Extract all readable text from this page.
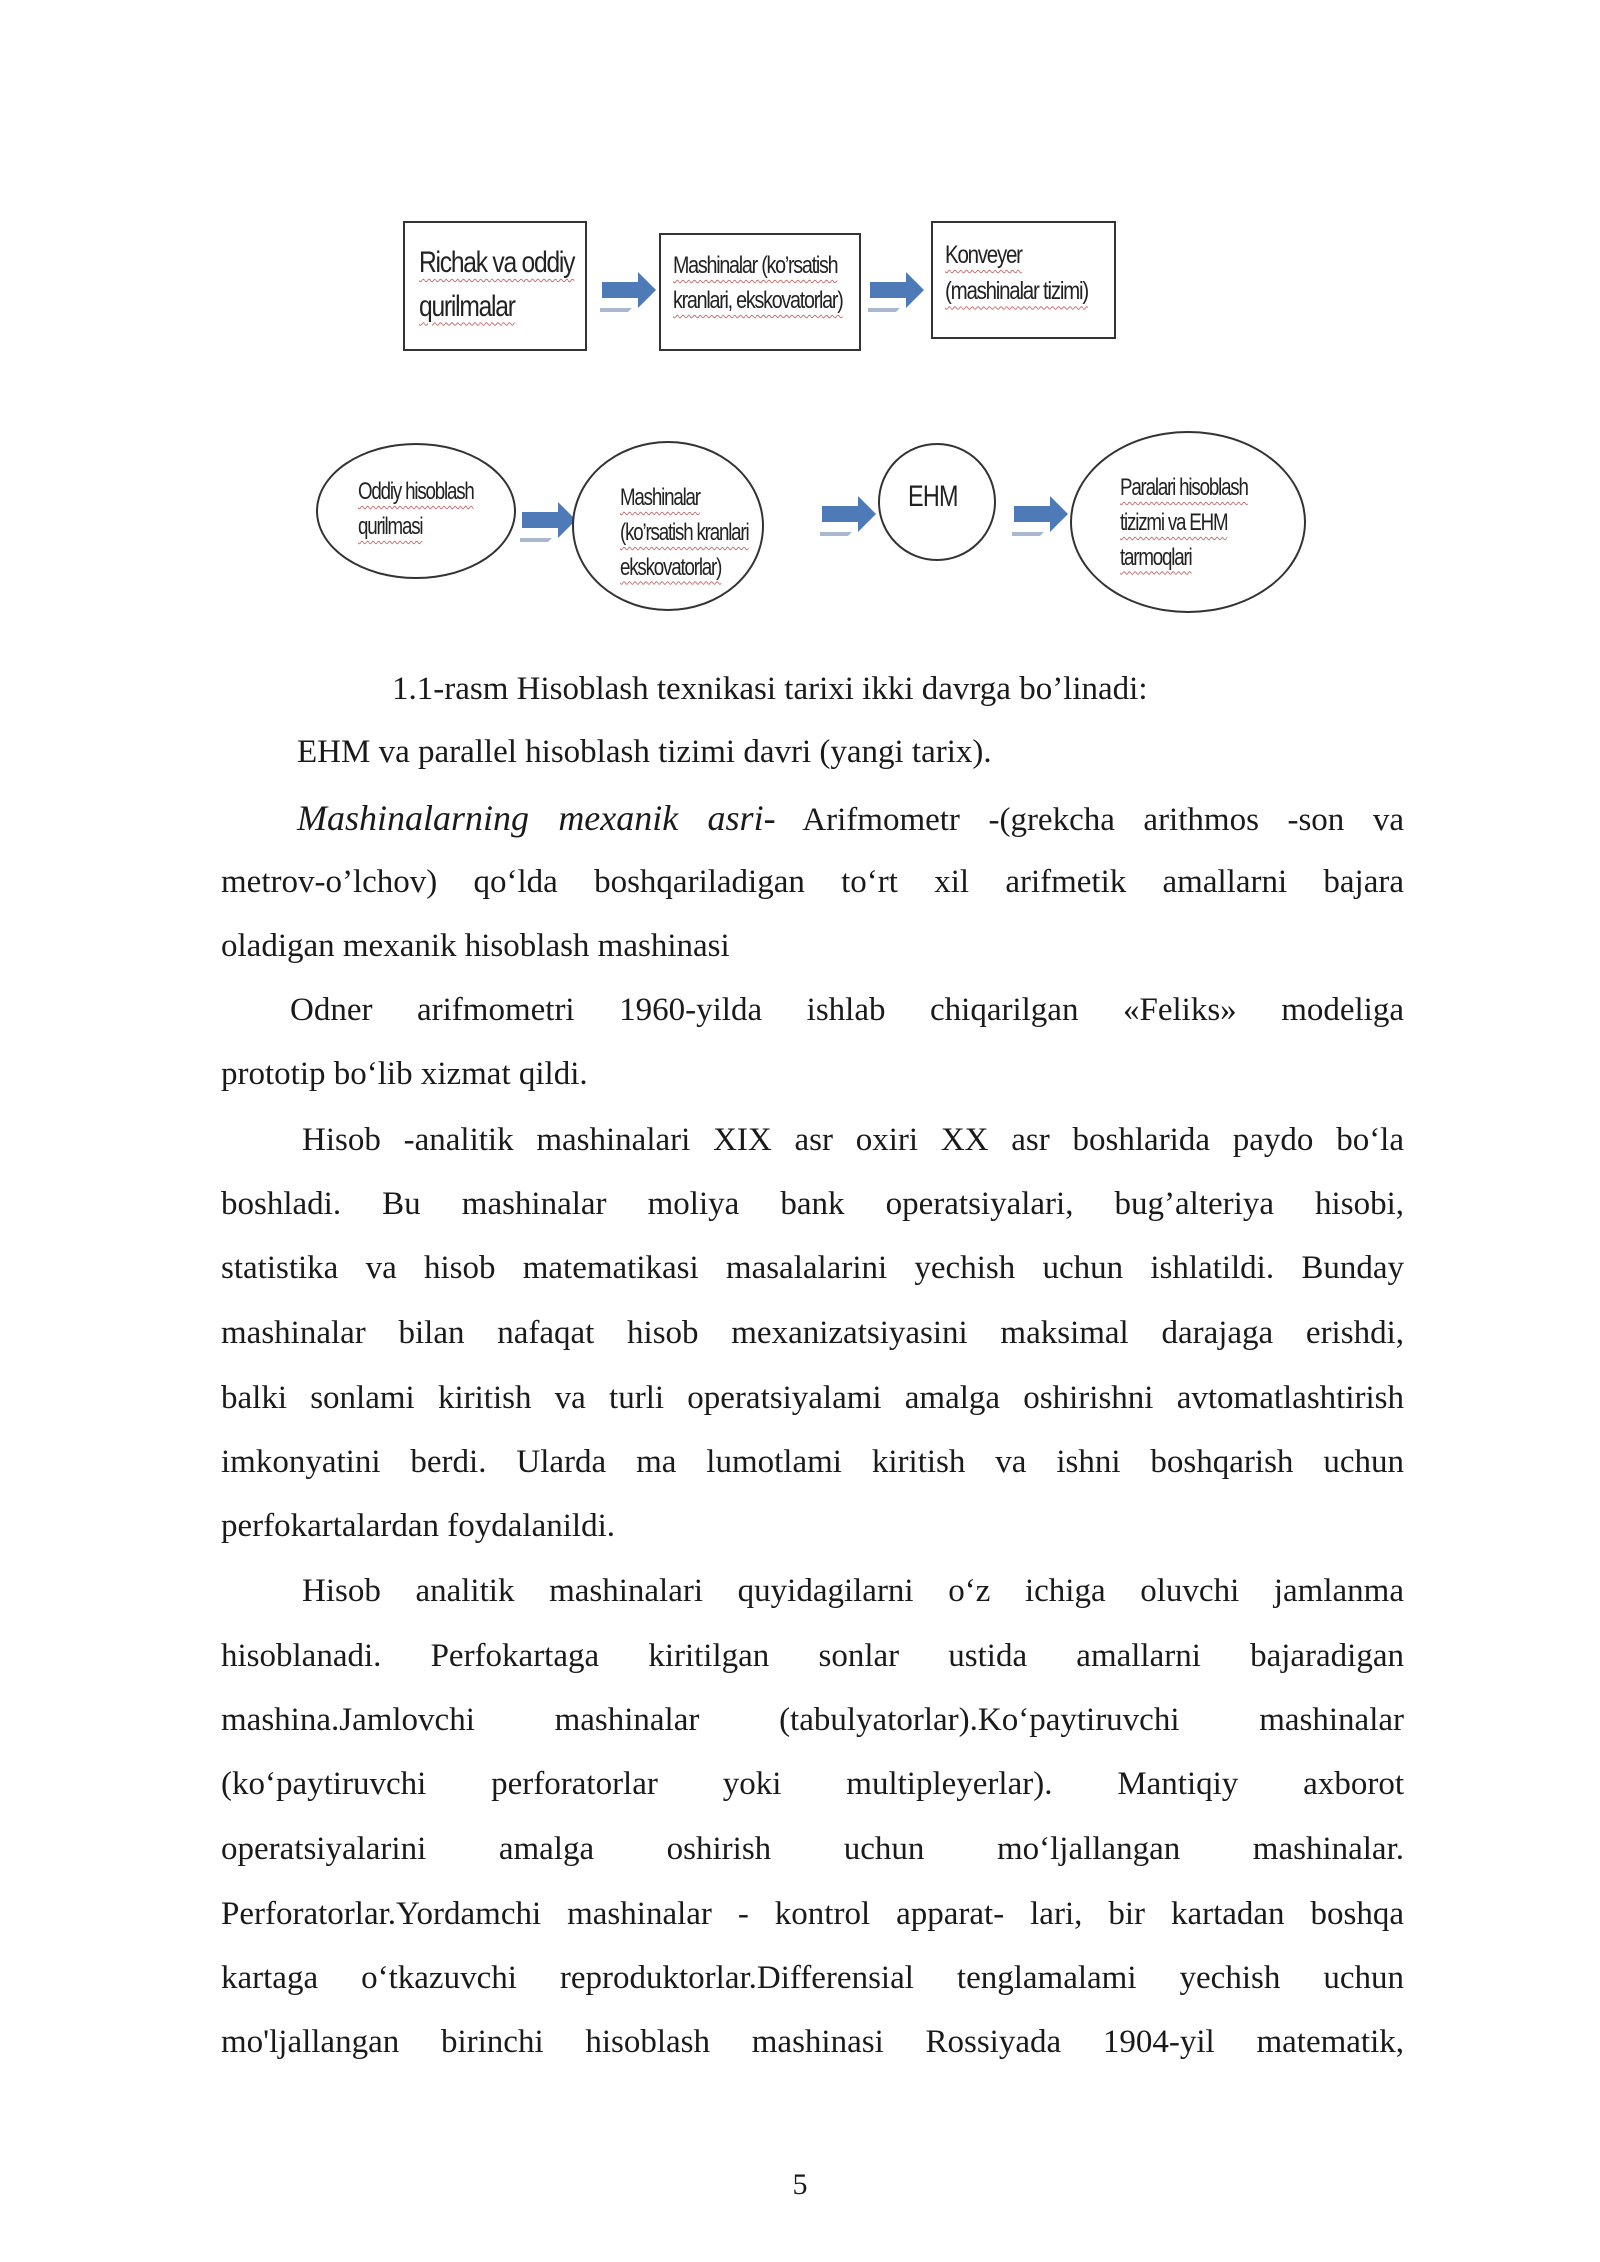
Richak va oddiy
qurilmalar
Mashinalar (ko’rsatish
kranlari, ekskovatorlar)
Konveyer
(mashinalar tizimi)
Oddiy hisoblash
qurilmasi
Mashinalar
(ko’rsatish kranlari
ekskovatorlar)
EHM	Paralari hisoblash
tizizmi va EHM
tarmoqlari
1.1-rasm Hisoblash texnikasi tarixi ikki davrga bo’linadi:
EHM va parallel hisoblash tizimi davri (yangi tarix).
Mashinalarning mexanik asri- Arifmometr -(grekcha arithmos -son va
metrov-o’lchov) qo‘lda boshqariladigan to‘rt xil arifmetik amallarni bajara
oladigan mexanik hisoblash mashinasi
Odner arifmometri 1960-yilda ishlab chiqarilgan «Feliks» modeliga
prototip bo‘lib xizmat qildi.
Hisob -analitik mashinalari XIX asr oxiri XX asr boshlarida paydo bo‘la
boshladi. Bu mashinalar moliya bank operatsiyalari, bug’alteriya hisobi,
statistika va hisob matematikasi masalalarini yechish uchun ishlatildi. Bunday
mashinalar bilan nafaqat hisob mexanizatsiyasini maksimal darajaga erishdi,
balki sonlami kiritish va turli operatsiyalami amalga oshirishni avtomatlashtirish
imkonyatini berdi. Ularda ma lumotlami kiritish va ishni boshqarish uchun
perfokartalardan foydalanildi.
Hisob analitik mashinalari quyidagilarni o‘z ichiga oluvchi jamlanma
hisoblanadi. Perfokartaga kiritilgan sonlar ustida amallarni bajaradigan
mashina.Jamlovchi mashinalar (tabulyatorlar).Ko‘paytiruvchi mashinalar
(ko‘paytiruvchi perforatorlar yoki multipleyerlar). Mantiqiy axborot
operatsiyalarini amalga oshirish uchun mo‘ljallangan mashinalar.
Perforatorlar.Yordamchi mashinalar - kontrol apparat- lari, bir kartadan boshqa
kartaga o‘tkazuvchi reproduktorlar.Differensial tenglamalami yechish uchun
mo'ljallangan birinchi hisoblash mashinasi Rossiyada 1904-yil matematik,
5
